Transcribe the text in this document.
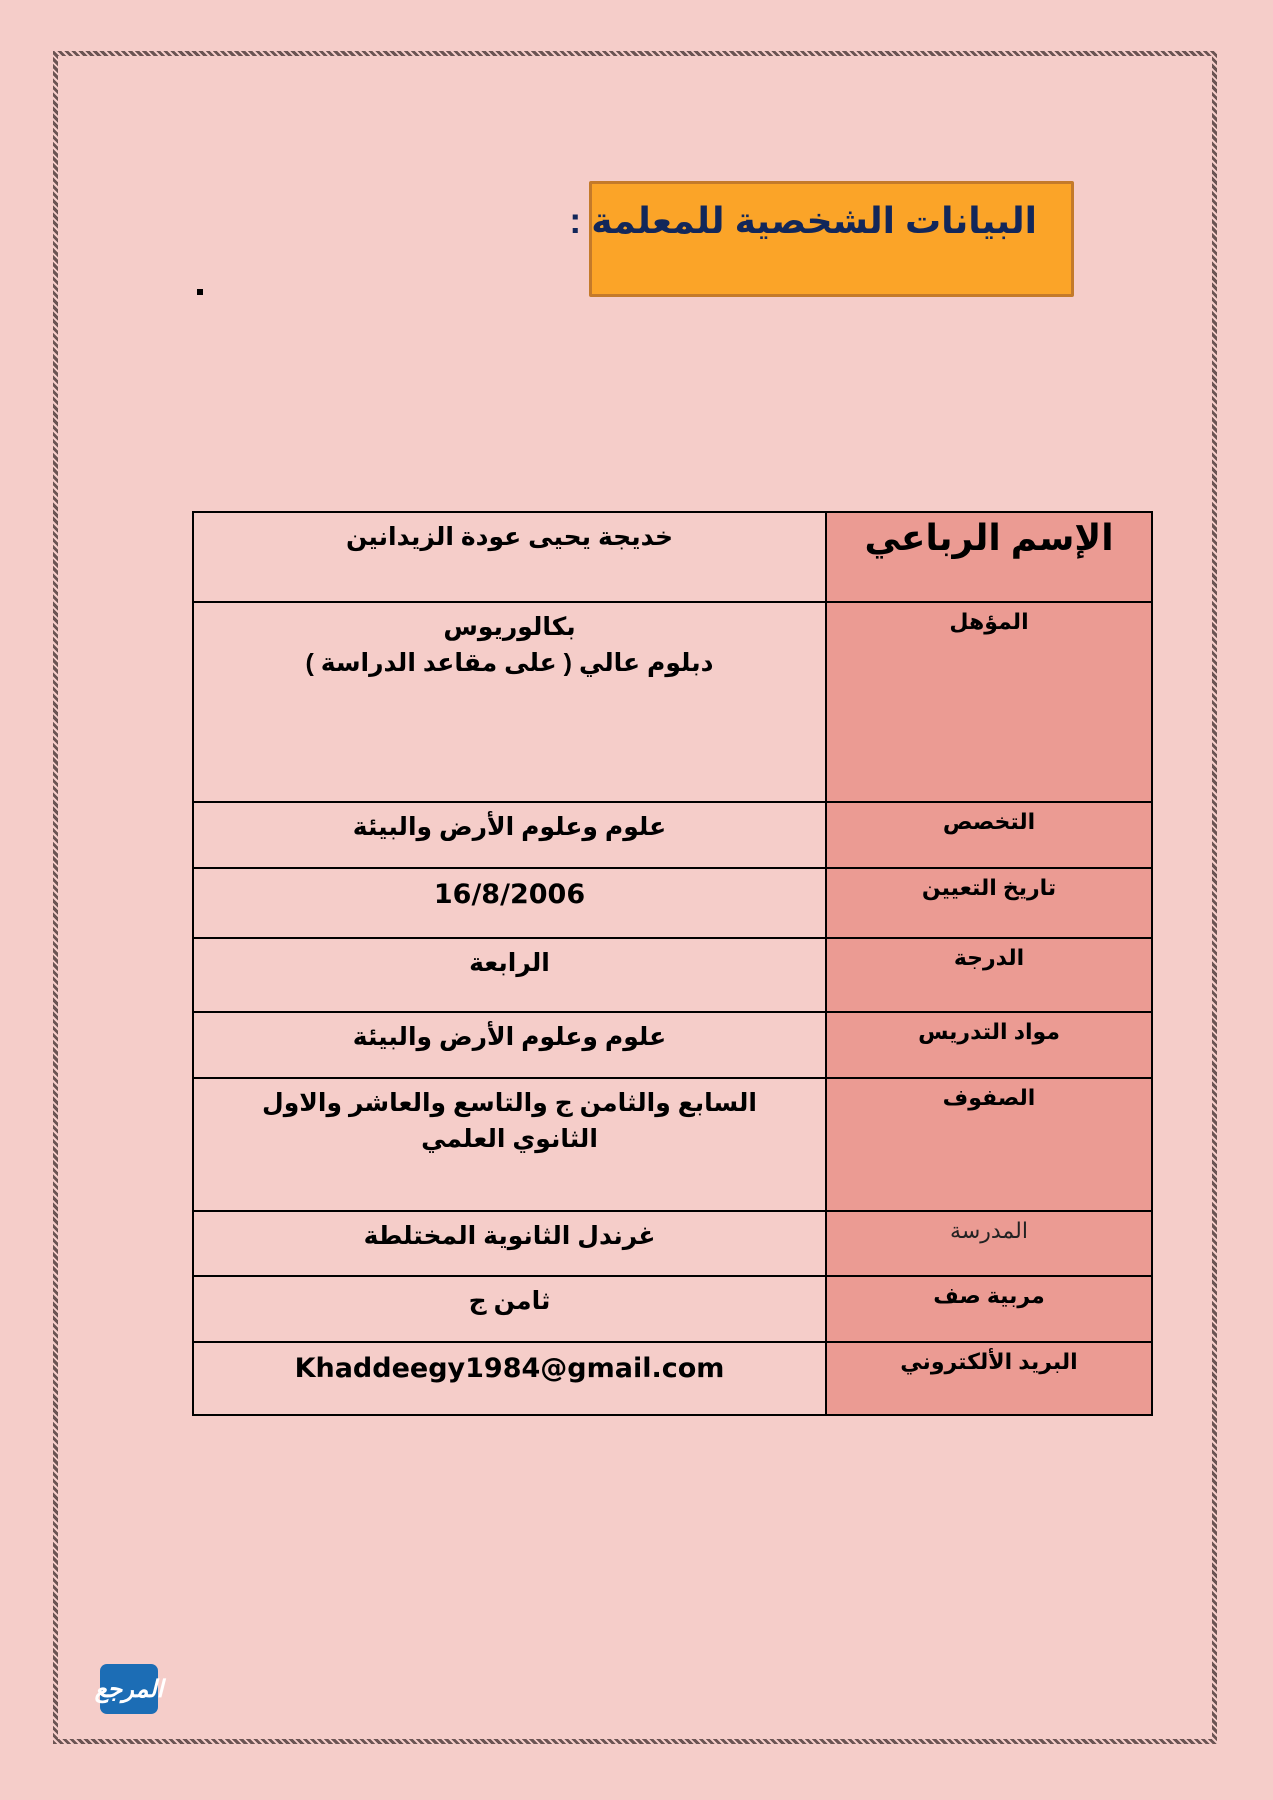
البيانات الشخصية للمعلمة :
الإسم الرباعي	خديجة يحيى عودة الزيدانين
المؤهل	بكالوريوس
دبلوم عالي ( على مقاعد الدراسة )

التخصص	علوم وعلوم الأرض والبيئة
تاريخ التعيين	16/8/2006
الدرجة	الرابعة
مواد التدريس	علوم وعلوم الأرض والبيئة
الصفوف	السابع والثامن ج والتاسع والعاشر والاول الثانوي العلمي
المدرسة	غرندل الثانوية المختلطة
مربية صف	ثامن ج
البريد الألكتروني	Khaddeegy1984@gmail.com
المرجع
